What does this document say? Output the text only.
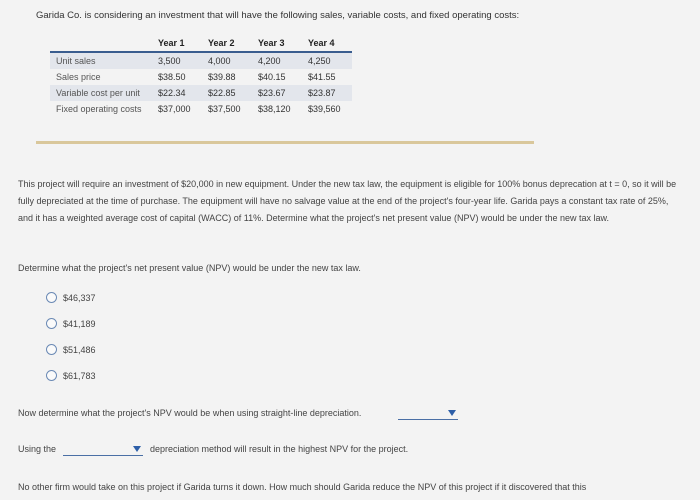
Garida Co. is considering an investment that will have the following sales, variable costs, and fixed operating costs:
	Year 1	Year 2	Year 3	Year 4
Unit sales	3,500	4,000	4,200	4,250
Sales price	$38.50	$39.88	$40.15	$41.55
Variable cost per unit	$22.34	$22.85	$23.67	$23.87
Fixed operating costs	$37,000	$37,500	$38,120	$39,560
This project will require an investment of $20,000 in new equipment. Under the new tax law, the equipment is eligible for 100% bonus deprecation at t = 0, so it will be fully depreciated at the time of purchase. The equipment will have no salvage value at the end of the project's four-year life. Garida pays a constant tax rate of 25%, and it has a weighted average cost of capital (WACC) of 11%. Determine what the project's net present value (NPV) would be under the new tax law.
Determine what the project's net present value (NPV) would be under the new tax law.
$46,337
$41,189
$51,486
$61,783
Now determine what the project's NPV would be when using straight-line depreciation.
Using the	depreciation method will result in the highest NPV for the project.
No other firm would take on this project if Garida turns it down. How much should Garida reduce the NPV of this project if it discovered that this
